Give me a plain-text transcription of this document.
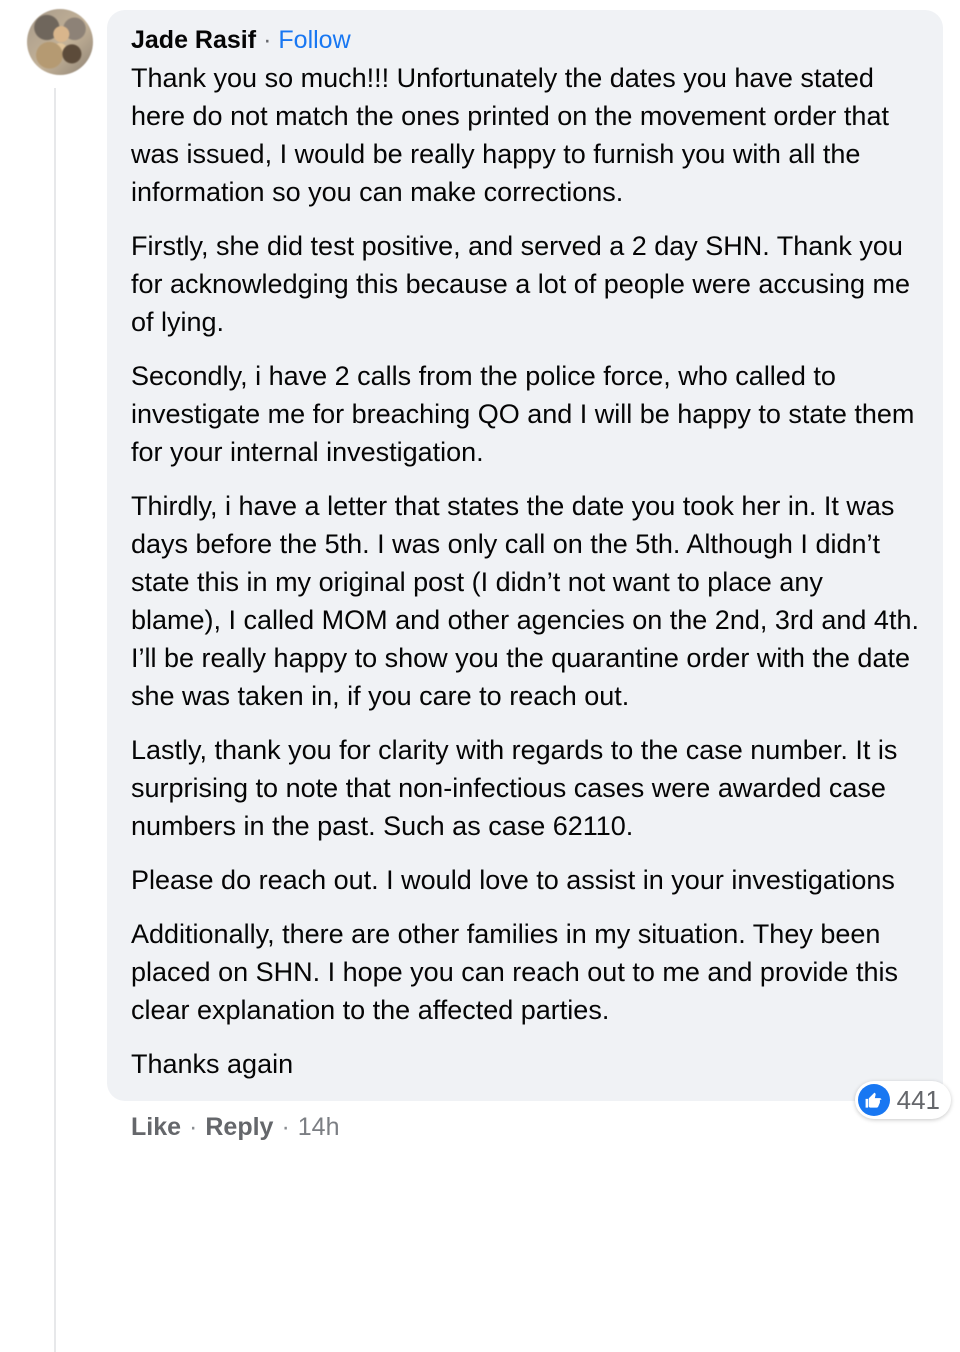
Jade Rasif · Follow

Thank you so much!!! Unfortunately the dates you have stated here do not match the ones printed on the movement order that was issued, I would be really happy to furnish you with all the information so you can make corrections.

Firstly, she did test positive, and served a 2 day SHN. Thank you for acknowledging this because a lot of people were accusing me of lying.

Secondly, i have 2 calls from the police force, who called to investigate me for breaching QO and I will be happy to state them for your internal investigation.

Thirdly, i have a letter that states the date you took her in. It was days before the 5th. I was only call on the 5th. Although I didn’t state this in my original post (I didn’t not want to place any blame), I called MOM and other agencies on the 2nd, 3rd and 4th. I’ll be really happy to show you the quarantine order with the date she was taken in, if you care to reach out.

Lastly, thank you for clarity with regards to the case number. It is surprising to note that non-infectious cases were awarded case numbers in the past. Such as case 62110.

Please do reach out. I would love to assist in your investigations

Additionally, there are other families in my situation. They been placed on SHN. I hope you can reach out to me and provide this clear explanation to the affected parties.

Thanks again

441
Like · Reply · 14h
